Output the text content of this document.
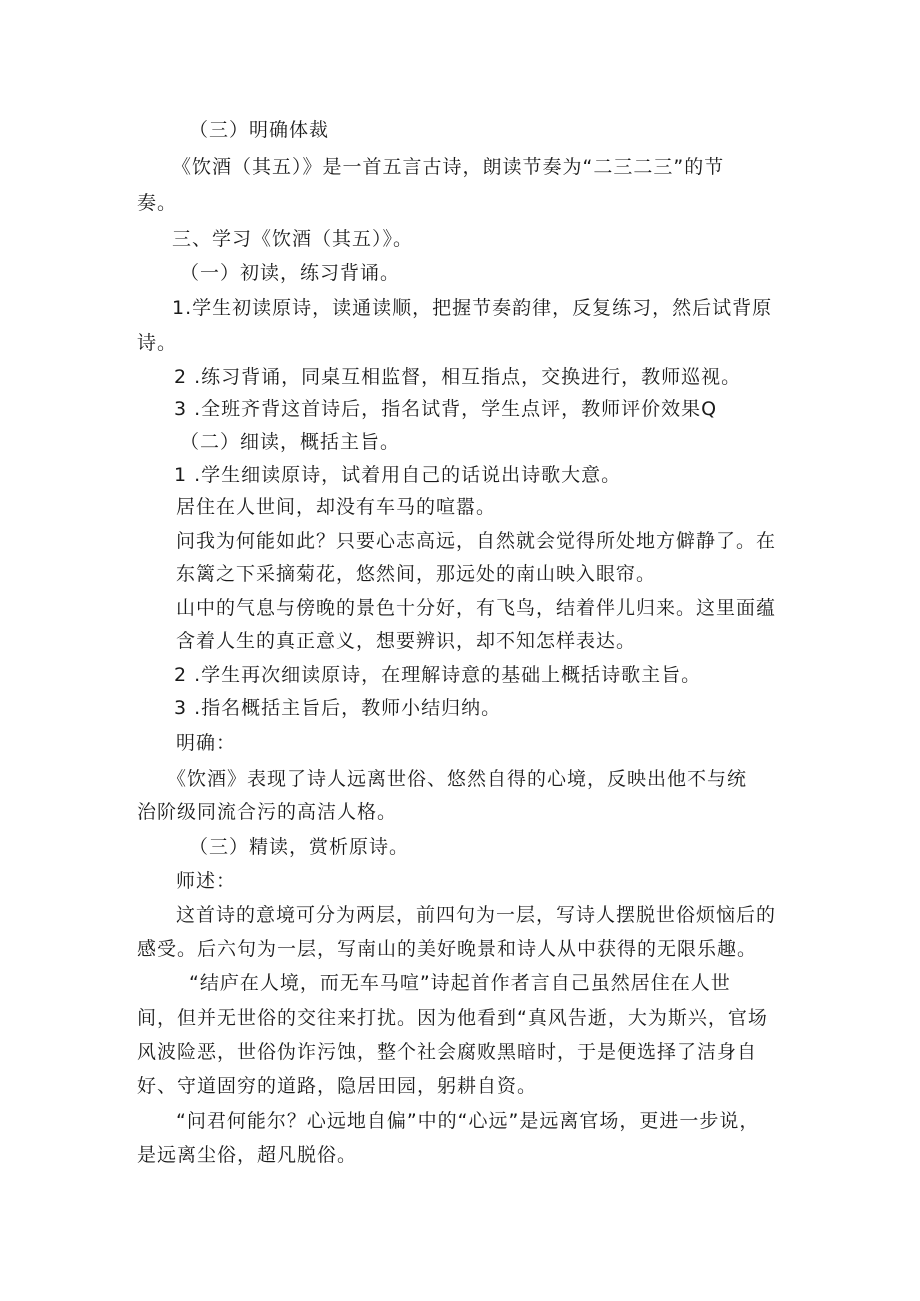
（三）明确体裁
《饮酒（其五）》是一首五言古诗，朗读节奏为“二三二三”的节
奏。
三、学习《饮酒（其五）》。
（一）初读，练习背诵。
1.学生初读原诗，读通读顺，把握节奏韵律，反复练习，然后试背原
诗。
2 .练习背诵，同桌互相监督，相互指点，交换进行，教师巡视。
3 .全班齐背这首诗后，指名试背，学生点评，教师评价效果Q
（二）细读，概括主旨。
1 .学生细读原诗，试着用自己的话说出诗歌大意。
居住在人世间，却没有车马的喧嚣。
问我为何能如此？只要心志高远，自然就会觉得所处地方僻静了。在
东篱之下采摘菊花，悠然间，那远处的南山映入眼帘。
山中的气息与傍晚的景色十分好，有飞鸟，结着伴儿归来。这里面蕴
含着人生的真正意义，想要辨识，却不知怎样表达。
2 .学生再次细读原诗，在理解诗意的基础上概括诗歌主旨。
3 .指名概括主旨后，教师小结归纳。
明确：
《饮酒》表现了诗人远离世俗、悠然自得的心境，反映出他不与统
治阶级同流合污的高洁人格。
（三）精读，赏析原诗。
师述：
这首诗的意境可分为两层，前四句为一层，写诗人摆脱世俗烦恼后的
感受。后六句为一层，写南山的美好晚景和诗人从中获得的无限乐趣。
“结庐在人境，而无车马喧”诗起首作者言自己虽然居住在人世
间，但并无世俗的交往来打扰。因为他看到“真风告逝，大为斯兴，官场
风波险恶，世俗伪诈污蚀，整个社会腐败黑暗时，于是便选择了洁身自
好、守道固穷的道路，隐居田园，躬耕自资。
“问君何能尔？心远地自偏”中的“心远”是远离官场，更进一步说，
是远离尘俗，超凡脱俗。
